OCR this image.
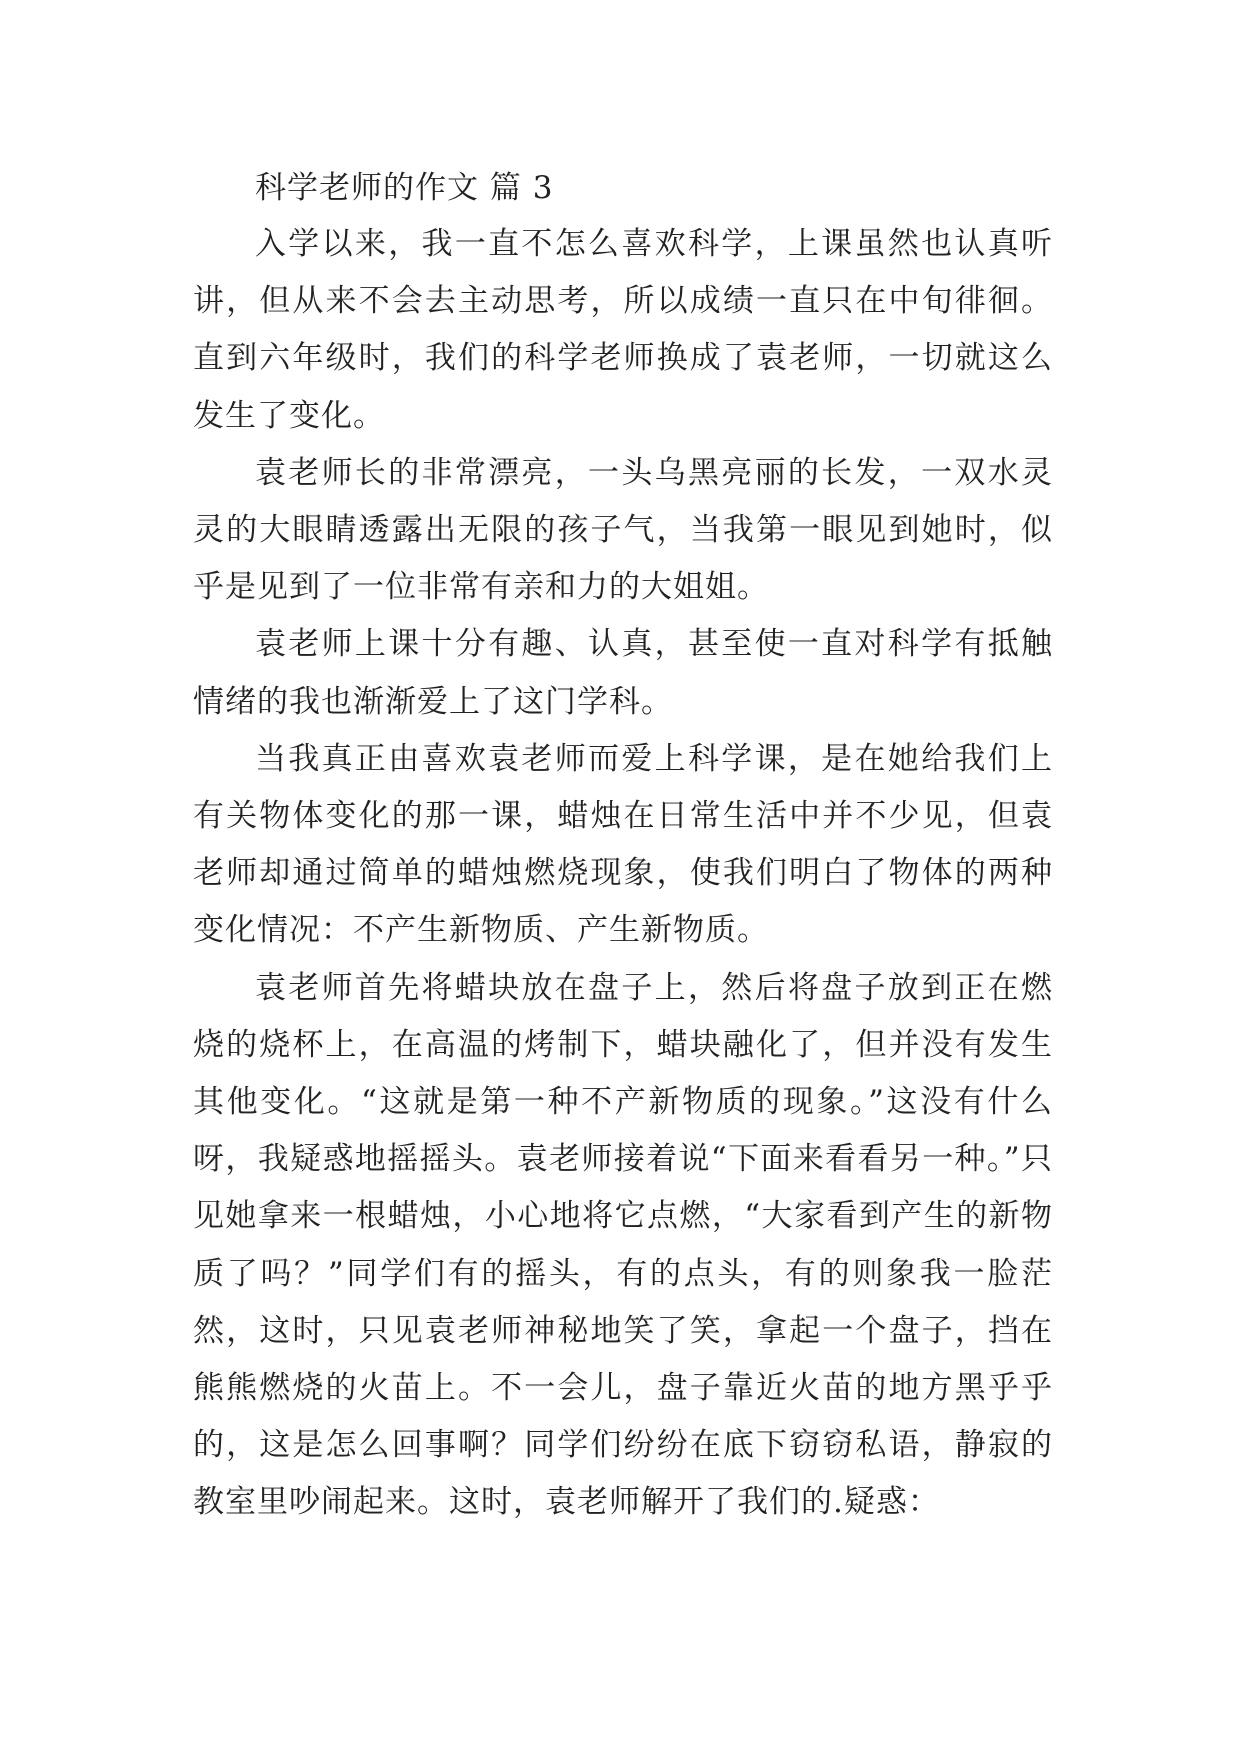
科学老师的作文 篇 3

入学以来，我一直不怎么喜欢科学，上课虽然也认真听讲，但从来不会去主动思考，所以成绩一直只在中旬徘徊。直到六年级时，我们的科学老师换成了袁老师，一切就这么发生了变化。

袁老师长的非常漂亮，一头乌黑亮丽的长发，一双水灵灵的大眼睛透露出无限的孩子气，当我第一眼见到她时，似乎是见到了一位非常有亲和力的大姐姐。

袁老师上课十分有趣、认真，甚至使一直对科学有抵触情绪的我也渐渐爱上了这门学科。

当我真正由喜欢袁老师而爱上科学课，是在她给我们上有关物体变化的那一课，蜡烛在日常生活中并不少见，但袁老师却通过简单的蜡烛燃烧现象，使我们明白了物体的两种变化情况：不产生新物质、产生新物质。

袁老师首先将蜡块放在盘子上，然后将盘子放到正在燃烧的烧杯上，在高温的烤制下，蜡块融化了，但并没有发生其他变化。“这就是第一种不产新物质的现象。”这没有什么呀，我疑惑地摇摇头。袁老师接着说“下面来看看另一种。”只见她拿来一根蜡烛，小心地将它点燃，“大家看到产生的新物质了吗？”同学们有的摇头，有的点头，有的则象我一脸茫然，这时，只见袁老师神秘地笑了笑，拿起一个盘子，挡在熊熊燃烧的火苗上。不一会儿，盘子靠近火苗的地方黑乎乎的，这是怎么回事啊？同学们纷纷在底下窃窃私语，静寂的教室里吵闹起来。这时，袁老师解开了我们的.疑惑：
